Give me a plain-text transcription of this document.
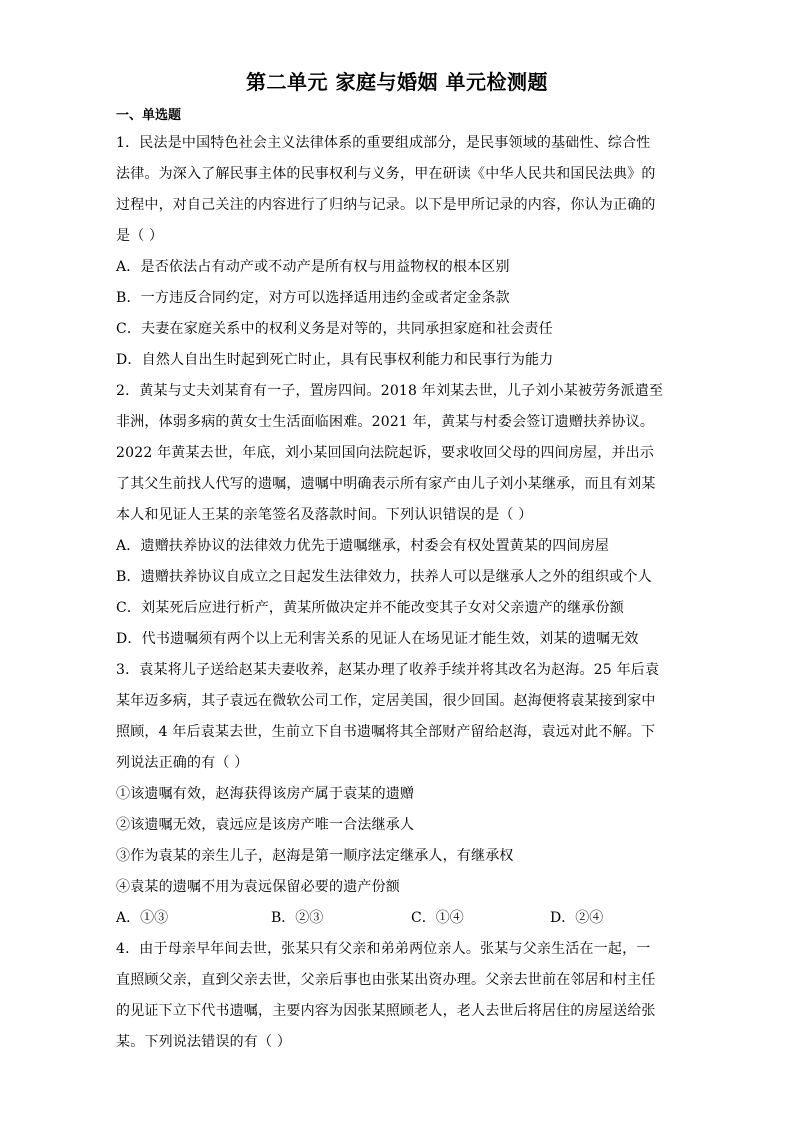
第二单元 家庭与婚姻 单元检测题
一、单选题
1．民法是中国特色社会主义法律体系的重要组成部分，是民事领域的基础性、综合性
法律。为深入了解民事主体的民事权利与义务，甲在研读《中华人民共和国民法典》的
过程中，对自己关注的内容进行了归纳与记录。以下是甲所记录的内容，你认为正确的
是（ ）
A．是否依法占有动产或不动产是所有权与用益物权的根本区别
B．一方违反合同约定，对方可以选择适用违约金或者定金条款
C．夫妻在家庭关系中的权利义务是对等的，共同承担家庭和社会责任
D．自然人自出生时起到死亡时止，具有民事权利能力和民事行为能力
2．黄某与丈夫刘某育有一子，置房四间。2018 年刘某去世，儿子刘小某被劳务派遣至
非洲，体弱多病的黄女士生活面临困难。2021 年，黄某与村委会签订遗赠扶养协议。
2022 年黄某去世，年底，刘小某回国向法院起诉，要求收回父母的四间房屋，并出示
了其父生前找人代写的遗嘱，遗嘱中明确表示所有家产由儿子刘小某继承，而且有刘某
本人和见证人王某的亲笔签名及落款时间。下列认识错误的是（ ）
A．遗赠扶养协议的法律效力优先于遗嘱继承，村委会有权处置黄某的四间房屋
B．遗赠扶养协议自成立之日起发生法律效力，扶养人可以是继承人之外的组织或个人
C．刘某死后应进行析产，黄某所做决定并不能改变其子女对父亲遗产的继承份额
D．代书遗嘱须有两个以上无利害关系的见证人在场见证才能生效，刘某的遗嘱无效
3．袁某将儿子送给赵某夫妻收养，赵某办理了收养手续并将其改名为赵海。25 年后袁
某年迈多病，其子袁远在微软公司工作，定居美国，很少回国。赵海便将袁某接到家中
照顾，4 年后袁某去世，生前立下自书遗嘱将其全部财产留给赵海，袁远对此不解。下
列说法正确的有（ ）
①该遗嘱有效，赵海获得该房产属于袁某的遗赠
②该遗嘱无效，袁远应是该房产唯一合法继承人
③作为袁某的亲生儿子，赵海是第一顺序法定继承人，有继承权
④袁某的遗嘱不用为袁远保留必要的遗产份额
A．①③	B．②③	C．①④	D．②④
4．由于母亲早年间去世，张某只有父亲和弟弟两位亲人。张某与父亲生活在一起，一
直照顾父亲，直到父亲去世，父亲后事也由张某出资办理。父亲去世前在邻居和村主任
的见证下立下代书遗嘱，主要内容为因张某照顾老人，老人去世后将居住的房屋送给张
某。下列说法错误的有（ ）
